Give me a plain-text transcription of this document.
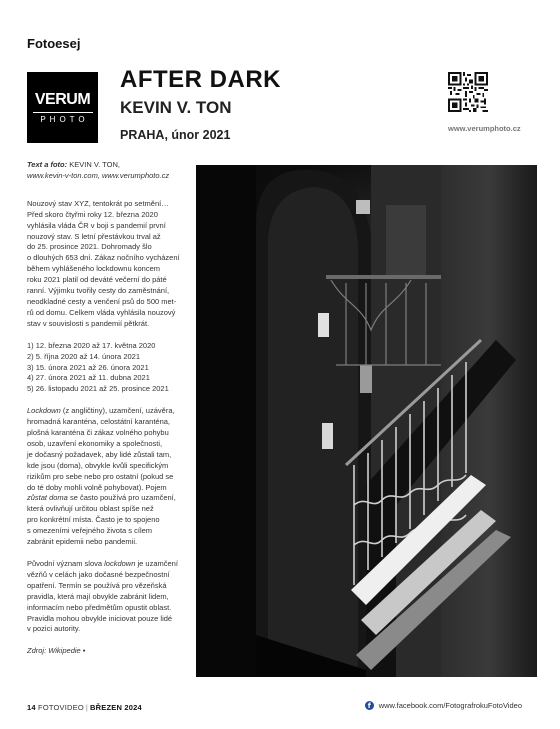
Fotoesej
VERUM
PHOTO
AFTER DARK
KEVIN V. TON
PRAHA, únor 2021	www.verumphoto.cz

Text a foto: KEVIN V. TON,
www.kevin-v-ton.com, www.verumphoto.cz

Nouzový stav XYZ, tentokrát po setmění…
Před skoro čtyřmi roky 12. března 2020
vyhlásila vláda ČR v boji s pandemií první
nouzový stav. S letní přestávkou trval až
do 25. prosince 2021. Dohromady šlo
o dlouhých 653 dní. Zákaz nočního vycházení
během vyhlášeného lockdownu koncem
roku 2021 platil od deváté večerní do páté
ranní. Výjimku tvořily cesty do zaměstnání,
neodkladné cesty a venčení psů do 500 met-
rů od domu. Celkem vláda vyhlásila nouzový
stav v souvislosti s pandemií pětkrát.

1) 12. března 2020 až 17. května 2020
2) 5. října 2020 až 14. února 2021
3) 15. února 2021 až 26. února 2021
4) 27. února 2021 až 11. dubna 2021
5) 26. listopadu 2021 až 25. prosince 2021

Lockdown (z angličtiny), uzamčení, uzávěra,
hromadná karanténa, celostátní karanténa,
plošná karanténa či zákaz volného pohybu
osob, uzavření ekonomiky a společnosti,
je dočasný požadavek, aby lidé zůstali tam,
kde jsou (doma), obvykle kvůli specifickým
rizikům pro sebe nebo pro ostatní (pokud se
do té doby mohli volně pohybovat). Pojem
zůstat doma se často používá pro uzamčení,
která ovlivňují určitou oblast spíše než
pro konkrétní místa. Často je to spojeno
s omezeními veřejného života s cílem
zabránit epidemii nebo pandemii.

Původní význam slova lockdown je uzamčení
vězňů v celách jako dočasné bezpečnostní
opatření. Termín se používá pro vězeňská
pravidla, která mají obvykle zabránit lidem,
informacím nebo předmětům opustit oblast.
Pravidla mohou obvykle iniciovat pouze lidé
v pozici autority.

Zdroj: Wikipedie ▪

14 FOTOVIDEO | BŘEZEN 2024	f	www.facebook.com/FotografrokuFotoVideo
